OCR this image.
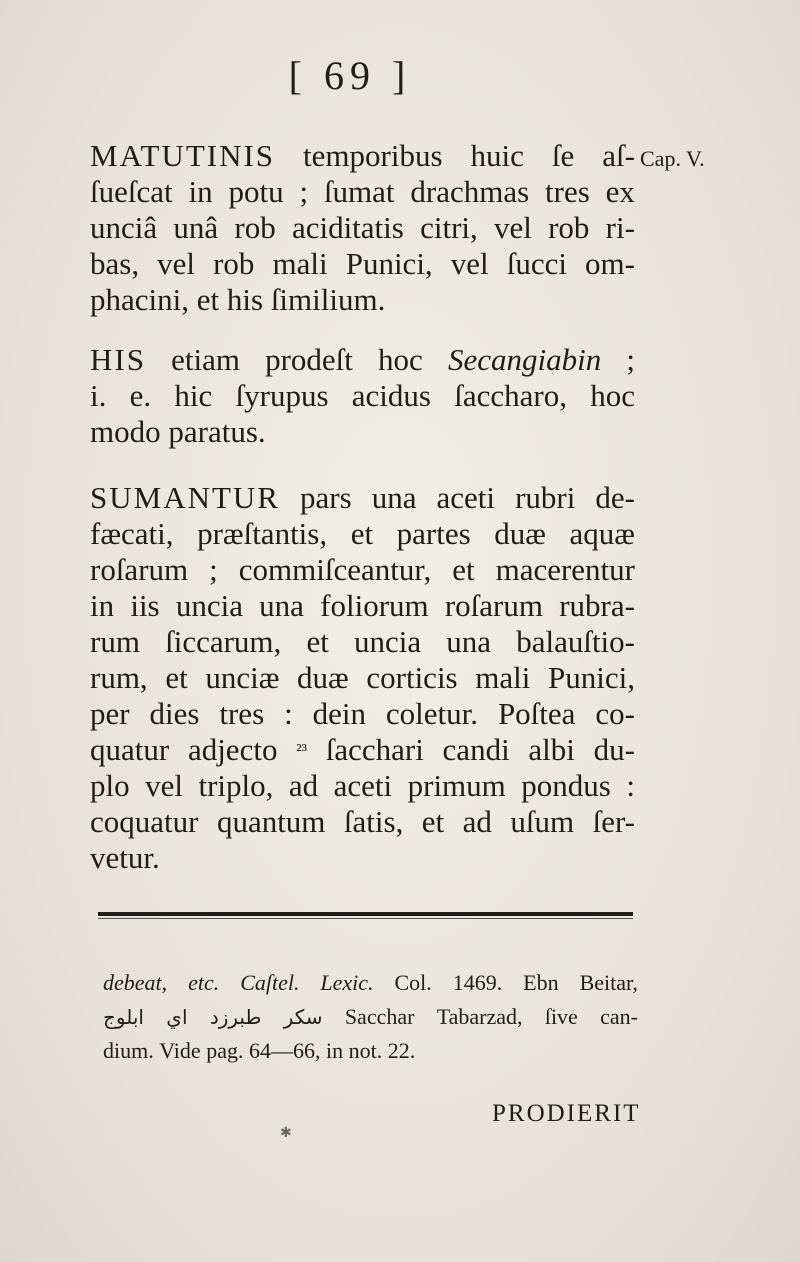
[ 69 ]
Cap. V.
MATUTINIS temporibus huic ſe aſ-
ſueſcat in potu ; ſumat drachmas tres ex
unciâ unâ rob aciditatis citri, vel rob ri-
bas, vel rob mali Punici, vel ſucci om-
phacini,
et
his
ſimilium.
HIS etiam prodeſt hoc Secangiabin ;
i. e. hic ſyrupus acidus ſaccharo, hoc
modo
paratus.
SUMANTUR pars una aceti rubri de-
fæcati, præſtantis, et partes duæ aquæ
roſarum ; commiſceantur, et macerentur
in iis uncia una foliorum roſarum rubra-
rum ſiccarum, et uncia una balauſtio-
rum, et unciæ duæ corticis mali Punici,
per dies tres : dein coletur. Poſtea co-
quatur adjecto ²³ ſacchari candi albi du-
plo vel triplo, ad aceti primum pondus :
coquatur quantum ſatis, et ad uſum ſer-
vetur.
debeat, etc. Caſtel. Lexic. Col. 1469. Ebn Beitar,
ابلوج اي طبرزد سكر Sacchar Tabarzad, ſive can-
dium.
Vide
pag.
64—66,
in
not.
22.
PRODIERIT
✱
